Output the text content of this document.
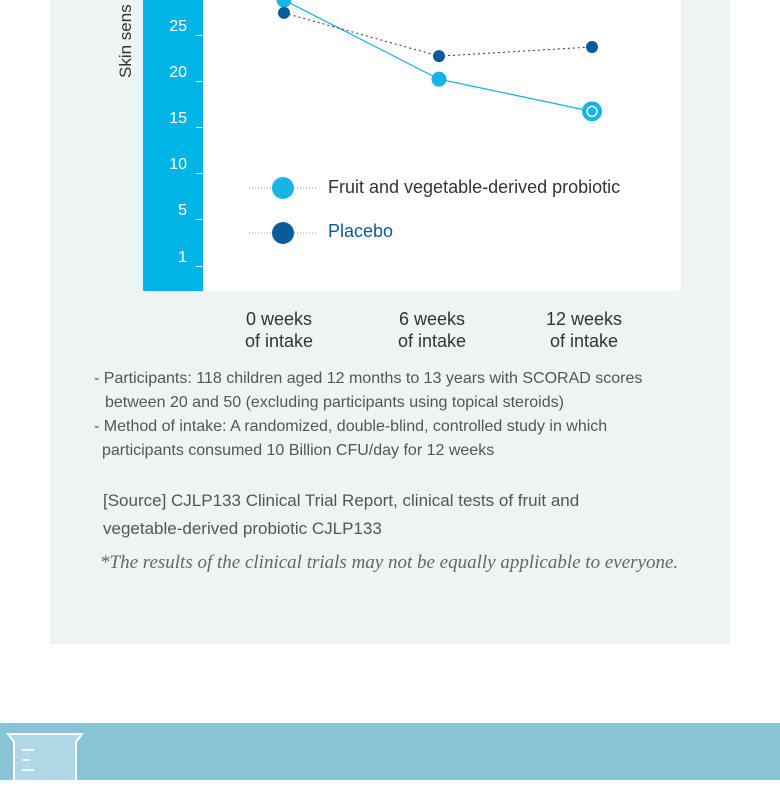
Skin sens	25
20
15
10
5
1
Fruit and vegetable-derived probiotic
Placebo
0 weeks
of intake
6 weeks
of intake
12 weeks
of intake

- Participants: 118 children aged 12 months to 13 years with SCORAD scores

between 20 and 50 (excluding participants using topical steroids)

- Method of intake: A randomized, double-blind, controlled study in which

participants consumed 10 Billion CFU/day for 12 weeks

[Source] CJLP133 Clinical Trial Report, clinical tests of fruit and
vegetable-derived probiotic CJLP133
*The results of the clinical trials may not be equally applicable to everyone.
